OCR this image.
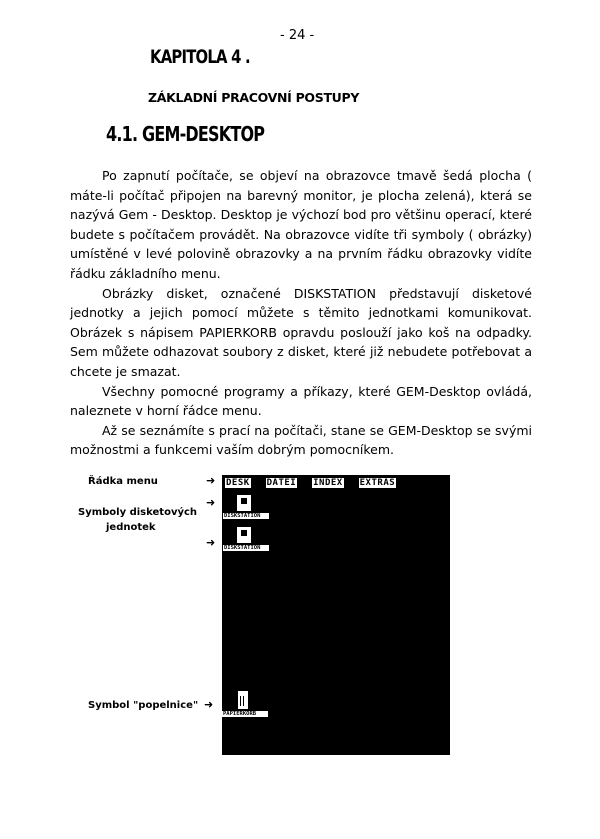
- 24 -
KAPITOLA 4 .
ZÁKLADNÍ PRACOVNÍ POSTUPY
4.1. GEM-DESKTOP

Po zapnutí počítače, se objeví na obrazovce tmavě šedá plocha ( máte-li počítač připojen na barevný monitor, je plocha zelená), která se nazývá Gem - Desktop. Desktop je výchozí bod pro většinu operací, které budete s počítačem provádět. Na obrazovce vidíte tři symboly ( obrázky) umístěné v levé polovině obrazovky a na prvním řádku obrazovky vidíte řádku základního menu.

Obrázky disket, označené DISKSTATION představují disketové jednotky a jejich pomocí můžete s těmito jednotkami komunikovat. Obrázek s nápisem PAPIERKORB opravdu poslouží jako koš na odpadky. Sem můžete odhazovat soubory z disket, které již nebudete potřebovat a chcete je smazat.

Všechny pomocné programy a příkazy, které GEM-Desktop ovládá, naleznete v horní řádce menu.

Až se seznámíte s prací na počítači, stane se GEM-Desktop se svými možnostmi a funkcemi vaším dobrým pomocníkem.

Řádka menu	➜
➜
Symboly disketových
jednotek
➜
Symbol "popelnice" ➜
DESK DATEI INDEX EXTRAS
DISKSTATION
DISKSTATION
PAPIERKORB
